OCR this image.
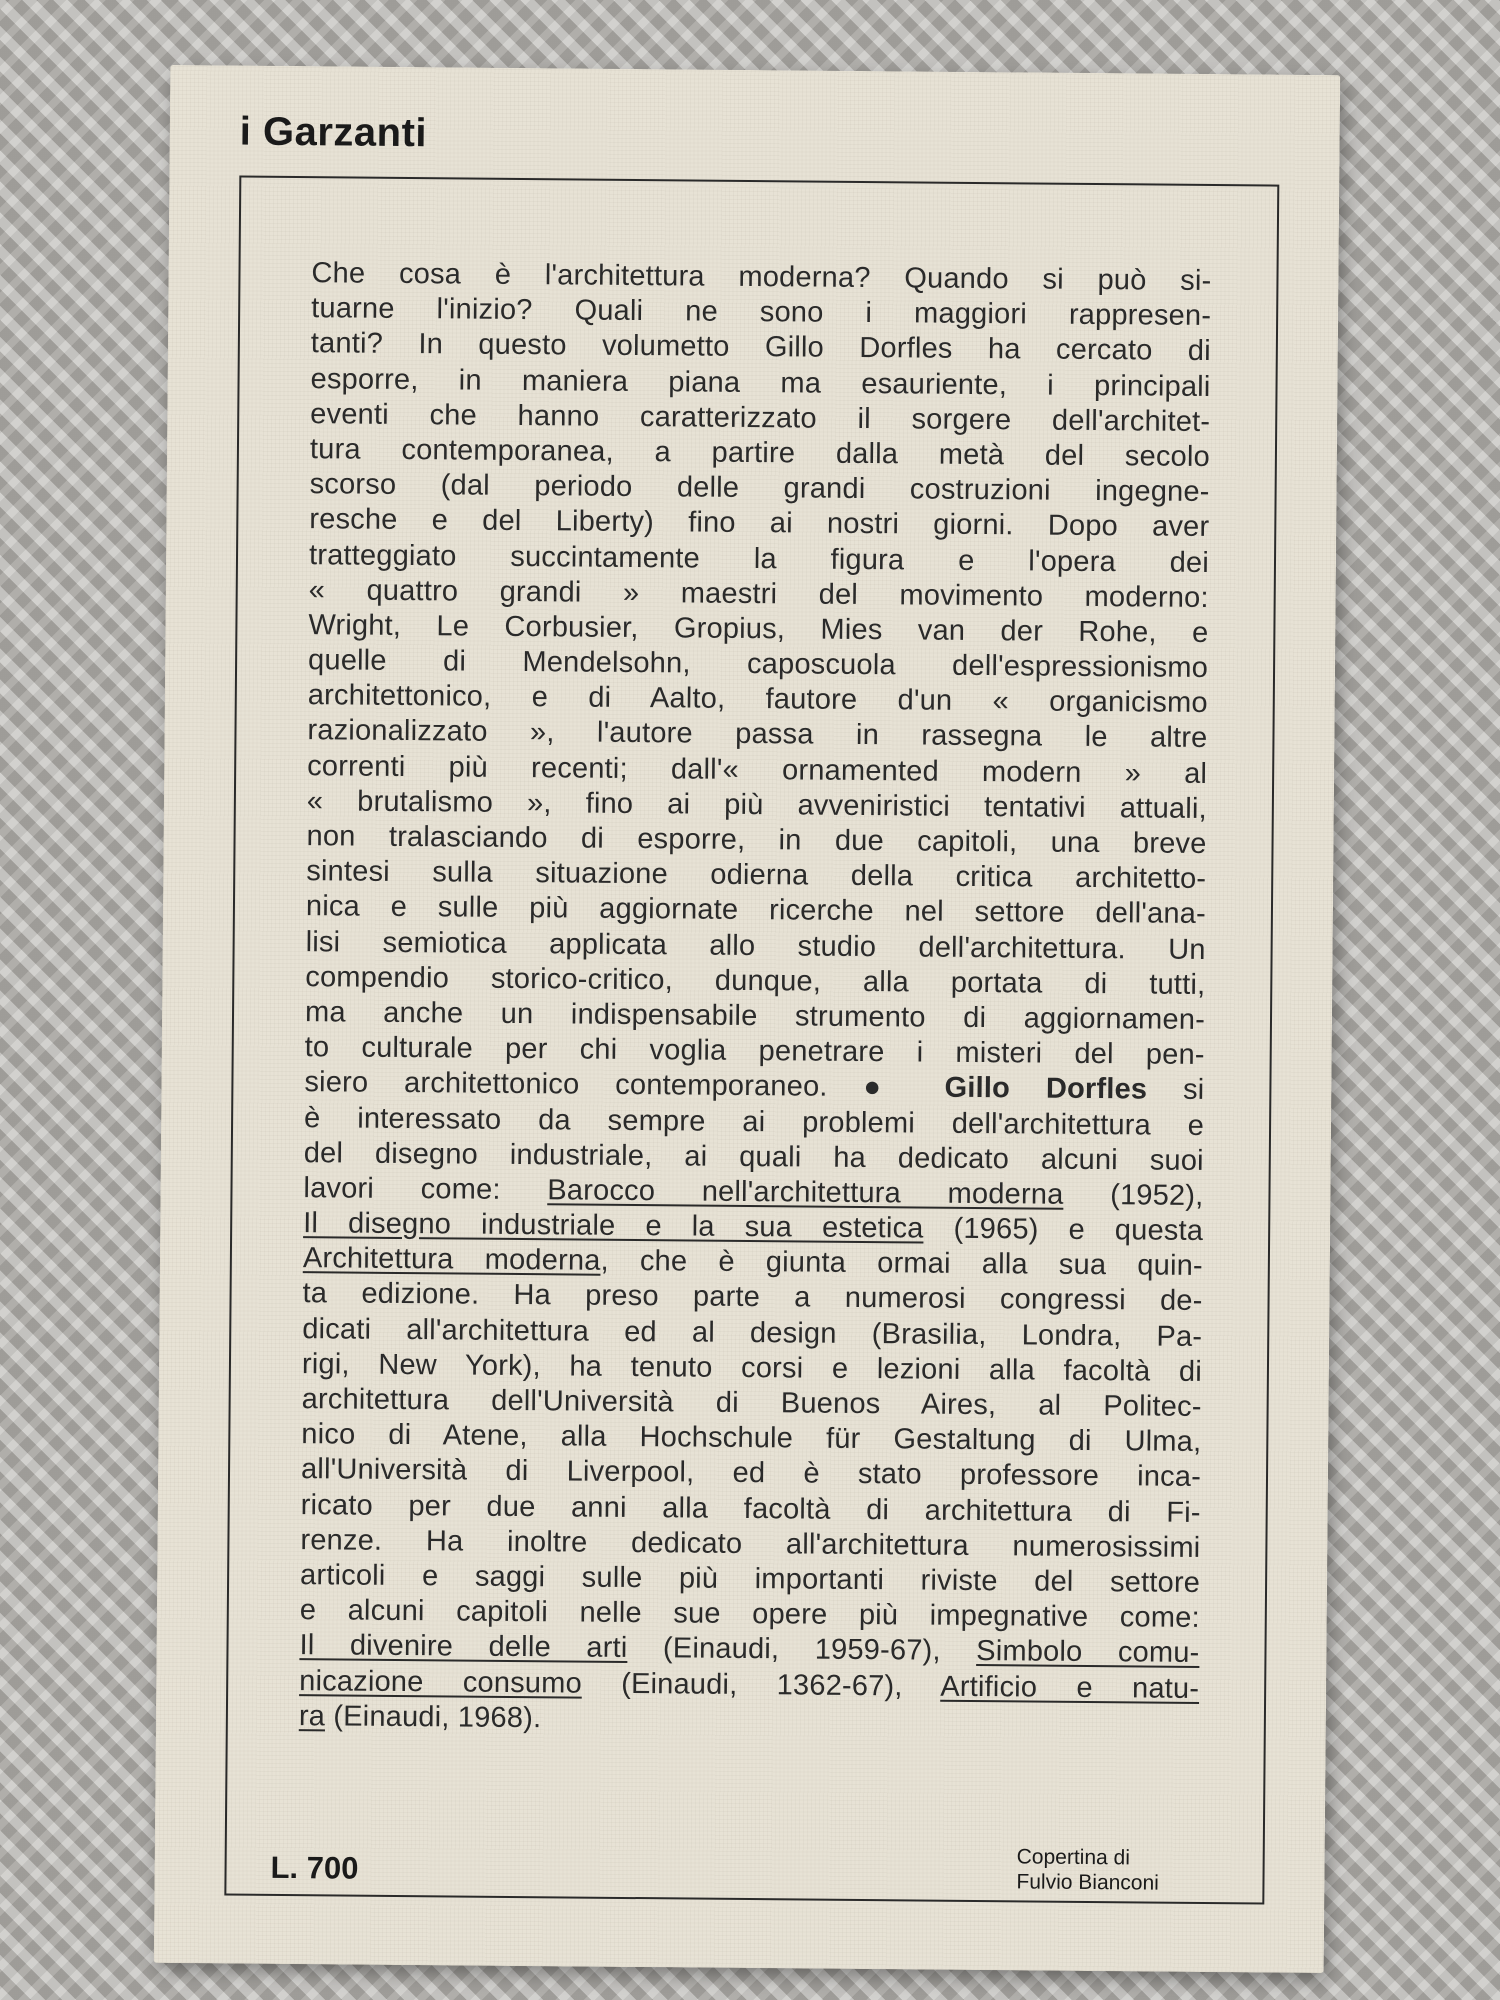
i Garzanti
Che cosa è l'architettura moderna? Quando si può si-
tuarne l'inizio? Quali ne sono i maggiori rappresen-
tanti? In questo volumetto Gillo Dorfles ha cercato di
esporre, in maniera piana ma esauriente, i principali
eventi che hanno caratterizzato il sorgere dell'architet-
tura contemporanea, a partire dalla metà del secolo
scorso (dal periodo delle grandi costruzioni ingegne-
resche e del Liberty) fino ai nostri giorni. Dopo aver
tratteggiato succintamente la figura e l'opera dei
« quattro grandi » maestri del movimento moderno:
Wright, Le Corbusier, Gropius, Mies van der Rohe, e
quelle di Mendelsohn, caposcuola dell'espressionismo
architettonico, e di Aalto, fautore d'un « organicismo
razionalizzato », l'autore passa in rassegna le altre
correnti più recenti; dall'« ornamented modern » al
« brutalismo », fino ai più avveniristici tentativi attuali,
non tralasciando di esporre, in due capitoli, una breve
sintesi sulla situazione odierna della critica architetto-
nica e sulle più aggiornate ricerche nel settore dell'ana-
lisi semiotica applicata allo studio dell'architettura. Un
compendio storico-critico, dunque, alla portata di tutti,
ma anche un indispensabile strumento di aggiornamen-
to culturale per chi voglia penetrare i misteri del pen-
siero architettonico contemporaneo. ● Gillo Dorfles si
è interessato da sempre ai problemi dell'architettura e
del disegno industriale, ai quali ha dedicato alcuni suoi
lavori come: Barocco nell'architettura moderna (1952),
Il disegno industriale e la sua estetica (1965) e questa
Architettura moderna, che è giunta ormai alla sua quin-
ta edizione. Ha preso parte a numerosi congressi de-
dicati all'architettura ed al design (Brasilia, Londra, Pa-
rigi, New York), ha tenuto corsi e lezioni alla facoltà di
architettura dell'Università di Buenos Aires, al Politec-
nico di Atene, alla Hochschule für Gestaltung di Ulma,
all'Università di Liverpool, ed è stato professore inca-
ricato per due anni alla facoltà di architettura di Fi-
renze. Ha inoltre dedicato all'architettura numerosissimi
articoli e saggi sulle più importanti riviste del settore
e alcuni capitoli nelle sue opere più impegnative come:
Il divenire delle arti (Einaudi, 1959-67), Simbolo comu-
nicazione consumo (Einaudi, 1362-67), Artificio e natu-
ra (Einaudi, 1968).
L. 700	Copertina di
Fulvio Bianconi
